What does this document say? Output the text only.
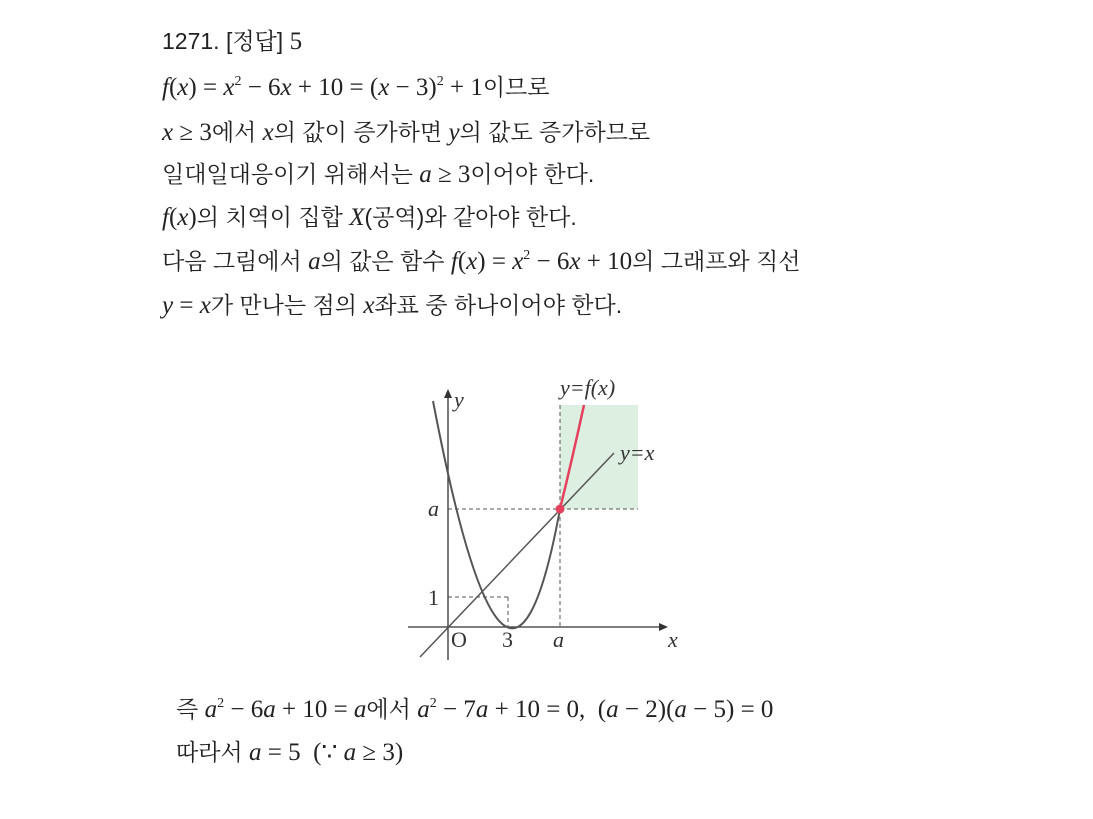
1271. [정답] 5
$f(x) = x^2 - 6x + 10 = (x - 3)^2 + 1$이므로
x ≥ 3에서 x의 값이 증가하면 y의 값도 증가하므로
일대일대응이기 위해서는 a ≥ 3이어야 한다.
f(x)의 치역이 집합 X(공역)와 같아야 한다.
다음 그림에서 a의 값은 함수 $f(x) = x^2 - 6x + 10$의 그래프와 직선
y = x가 만나는 점의 x좌표 중 하나이어야 한다.
y
x
O 3 a
a
1
y=f(x)
y=x
즉 $a^2 - 6a + 10 = a$에서 $a^2 - 7a + 10 = 0$,  (a − 2)(a − 5) = 0
따라서 a = 5  (∵ a ≥ 3)
